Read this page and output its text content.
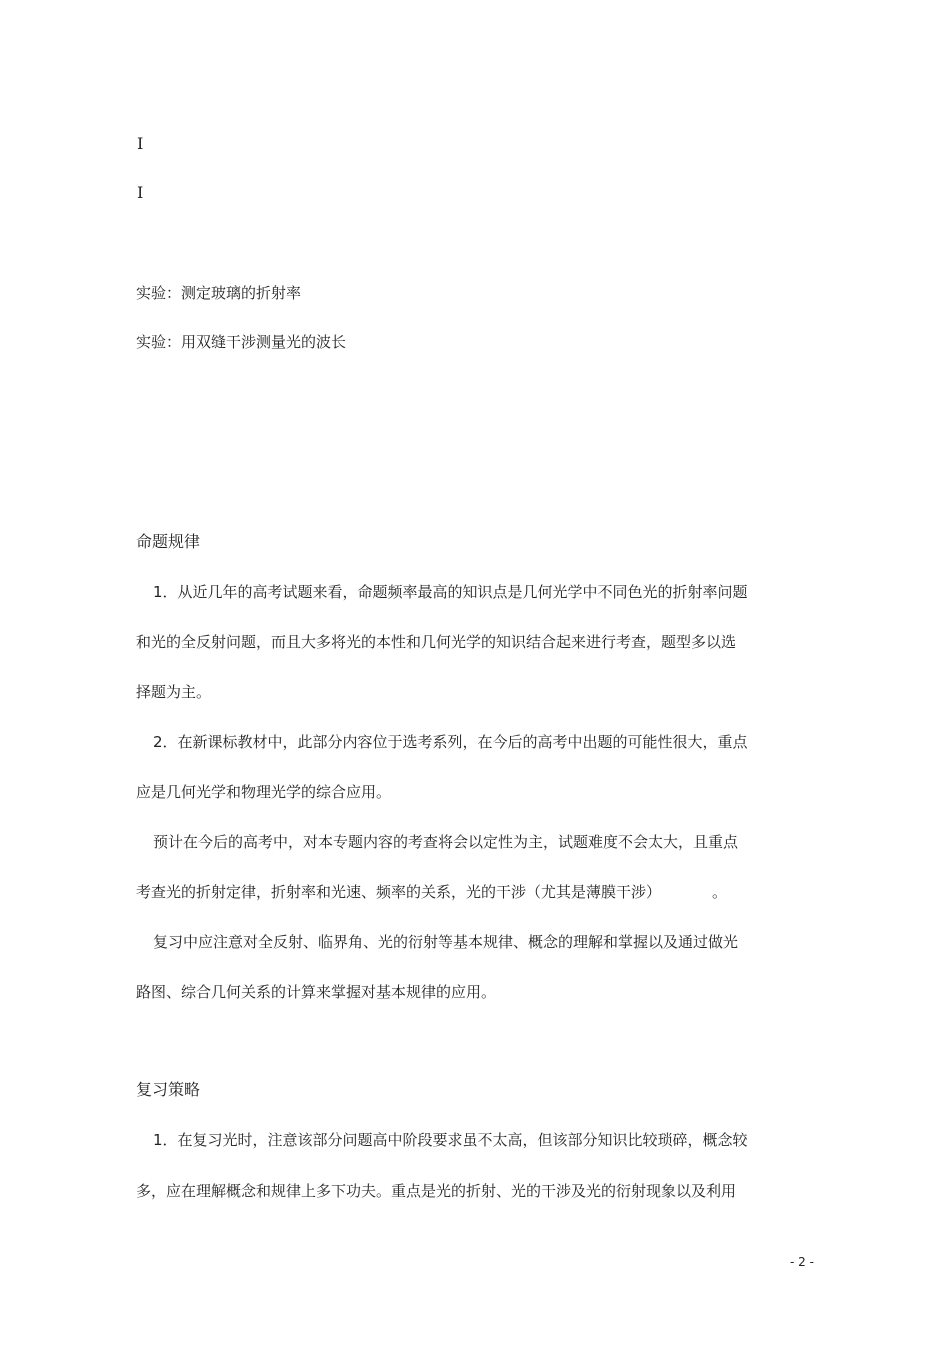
Ⅰ
Ⅰ
实验：测定玻璃的折射率
实验：用双缝干涉测量光的波长
命题规律
1．从近几年的高考试题来看，命题频率最高的知识点是几何光学中不同色光的折射率问题
和光的全反射问题，而且大多将光的本性和几何光学的知识结合起来进行考查，题型多以选
择题为主。
2．在新课标教材中，此部分内容位于选考系列，在今后的高考中出题的可能性很大，重点
应是几何光学和物理光学的综合应用。
预计在今后的高考中，对本专题内容的考查将会以定性为主，试题难度不会太大，且重点
考查光的折射定律，折射率和光速、频率的关系，光的干涉（尤其是薄膜干涉）	。
复习中应注意对全反射、临界角、光的衍射等基本规律、概念的理解和掌握以及通过做光
路图、综合几何关系的计算来掌握对基本规律的应用。
复习策略
1．在复习光时，注意该部分问题高中阶段要求虽不太高，但该部分知识比较琐碎，概念较
多，应在理解概念和规律上多下功夫。重点是光的折射、光的干涉及光的衍射现象以及利用
- 2 -
